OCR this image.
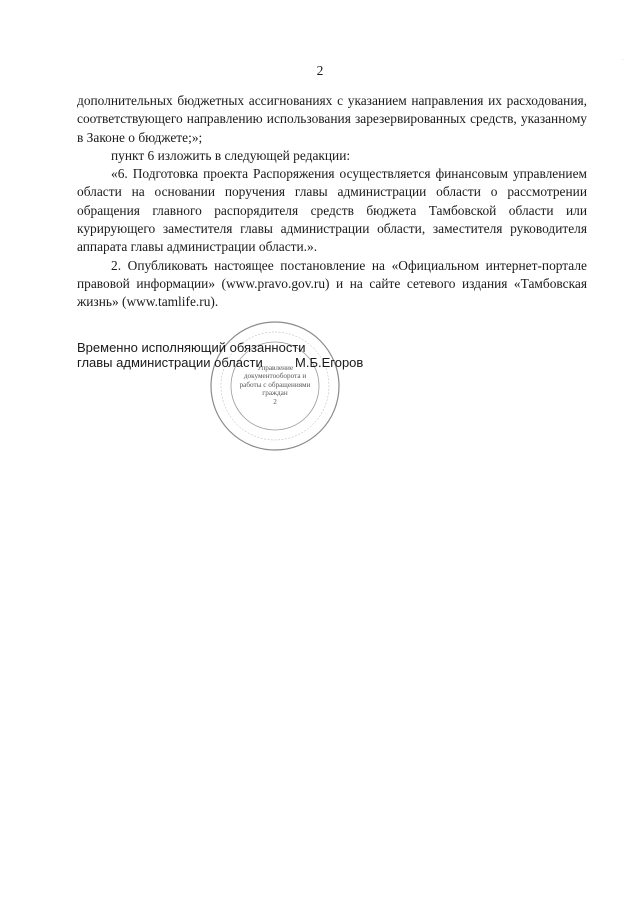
2

дополнительных бюджетных ассигнованиях с указанием направления их расходования, соответствующего направлению использования зарезервированных средств, указанному в Законе о бюджете;»;

пункт 6 изложить в следующей редакции:

«6. Подготовка проекта Распоряжения осуществляется финансовым управлением области на основании поручения главы администрации области о рассмотрении обращения главного распорядителя средств бюджета Тамбовской области или курирующего заместителя главы администрации области, заместителя руководителя аппарата главы администрации области.».

2. Опубликовать настоящее постановление на «Официальном интернет-портале правовой информации» (www.pravo.gov.ru) и на сайте сетевого издания «Тамбовская жизнь» (www.tamlife.ru).

Управление документооборота и работы с обращениями граждан
2
Временно исполняющий обязанности
главы администрации области	М.Б.Егоров
·
